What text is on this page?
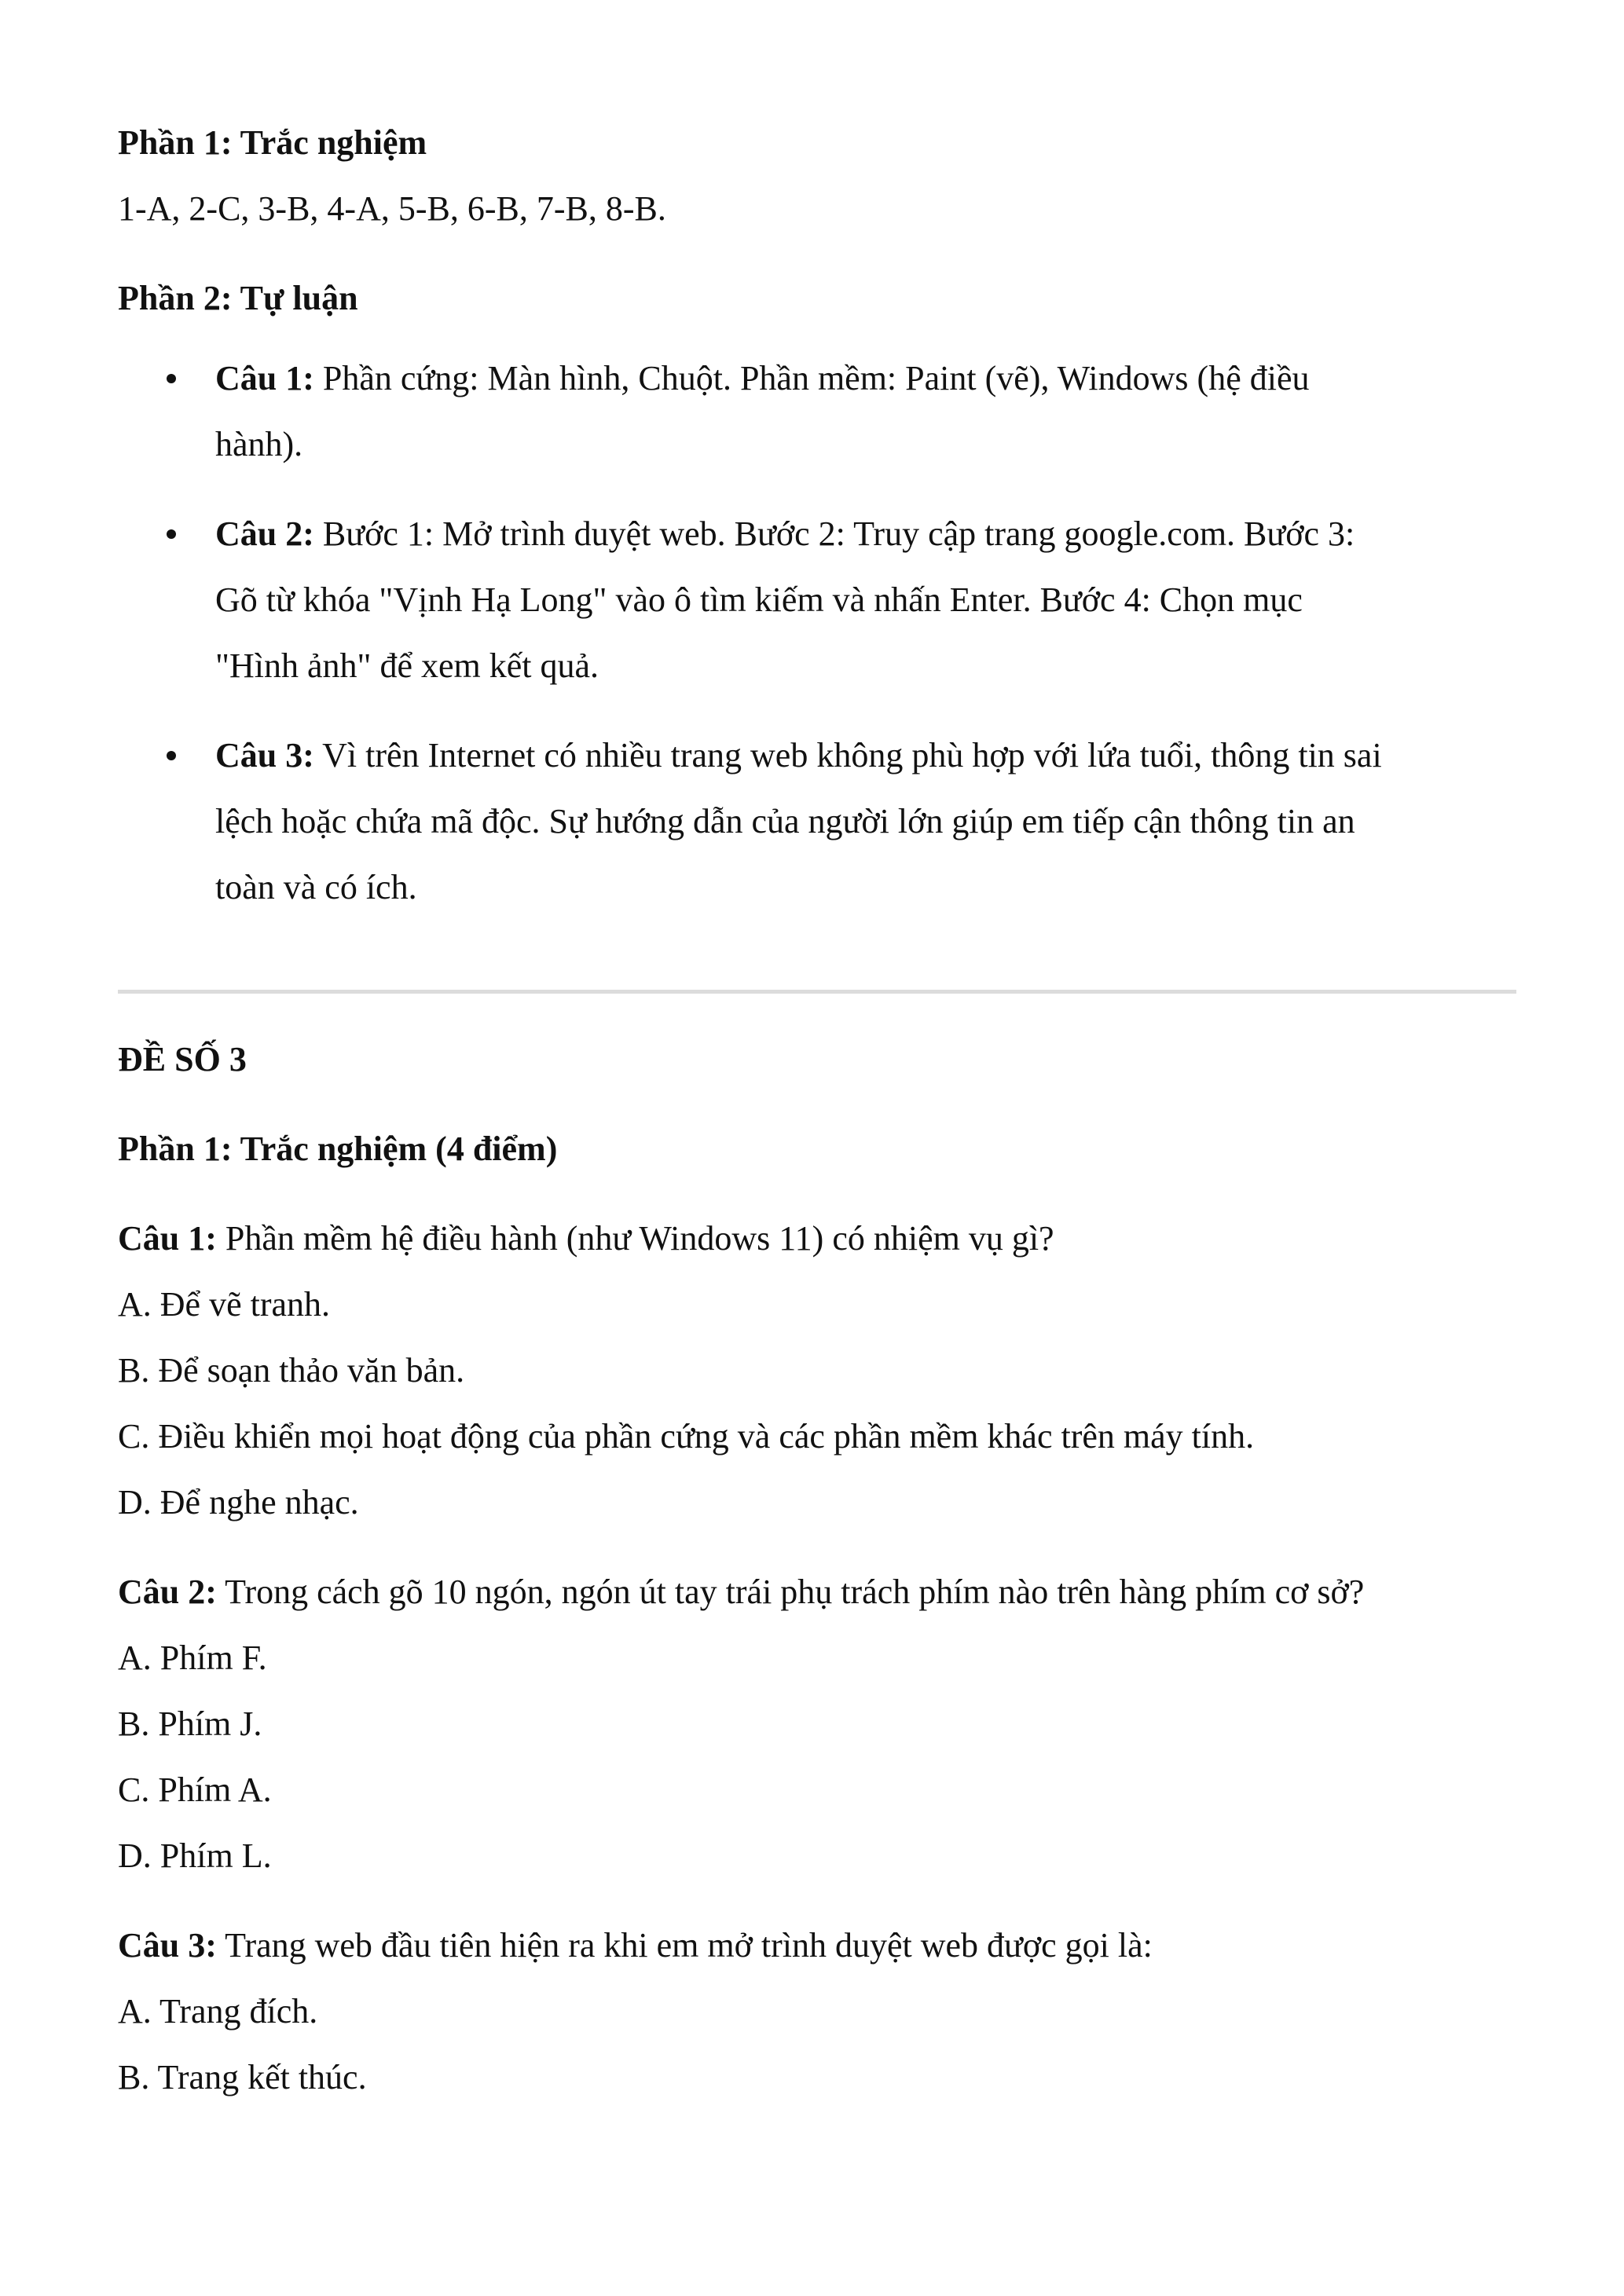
Phần 1: Trắc nghiệm
1-A, 2-C, 3-B, 4-A, 5-B, 6-B, 7-B, 8-B.
Phần 2: Tự luận

Câu 1: Phần cứng: Màn hình, Chuột. Phần mềm: Paint (vẽ), Windows (hệ điều
hành).

Câu 2: Bước 1: Mở trình duyệt web. Bước 2: Truy cập trang google.com. Bước 3:
Gõ từ khóa "Vịnh Hạ Long" vào ô tìm kiếm và nhấn Enter. Bước 4: Chọn mục
"Hình ảnh" để xem kết quả.

Câu 3: Vì trên Internet có nhiều trang web không phù hợp với lứa tuổi, thông tin sai
lệch hoặc chứa mã độc. Sự hướng dẫn của người lớn giúp em tiếp cận thông tin an
toàn và có ích.

ĐỀ SỐ 3
Phần 1: Trắc nghiệm (4 điểm)
Câu 1: Phần mềm hệ điều hành (như Windows 11) có nhiệm vụ gì?
A. Để vẽ tranh.
B. Để soạn thảo văn bản.
C. Điều khiển mọi hoạt động của phần cứng và các phần mềm khác trên máy tính.
D. Để nghe nhạc.
Câu 2: Trong cách gõ 10 ngón, ngón út tay trái phụ trách phím nào trên hàng phím cơ sở?
A. Phím F.
B. Phím J.
C. Phím A.
D. Phím L.
Câu 3: Trang web đầu tiên hiện ra khi em mở trình duyệt web được gọi là:
A. Trang đích.
B. Trang kết thúc.
